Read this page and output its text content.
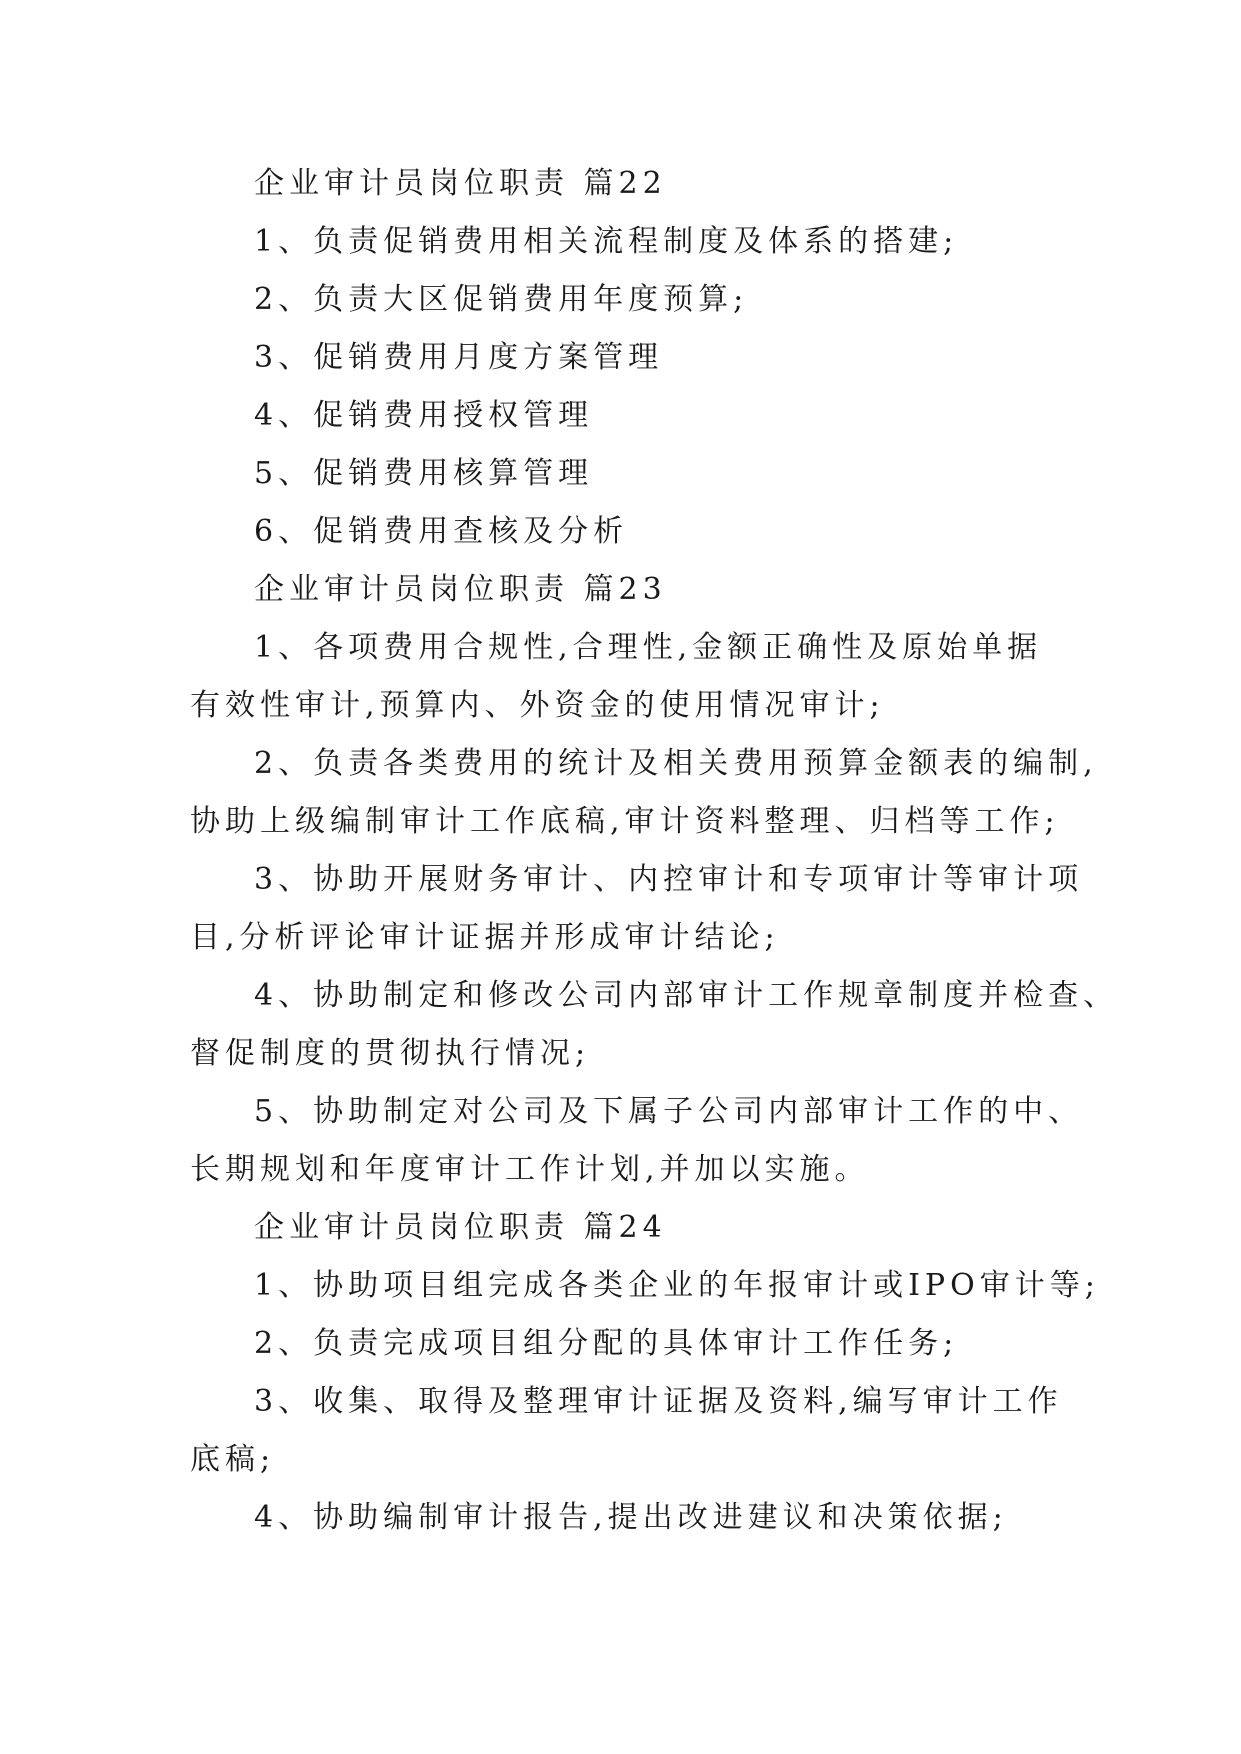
企业审计员岗位职责 篇22
1、负责促销费用相关流程制度及体系的搭建;
2、负责大区促销费用年度预算;
3、促销费用月度方案管理
4、促销费用授权管理
5、促销费用核算管理
6、促销费用查核及分析
企业审计员岗位职责 篇23
1、各项费用合规性,合理性,金额正确性及原始单据
有效性审计,预算内、外资金的使用情况审计;
2、负责各类费用的统计及相关费用预算金额表的编制,
协助上级编制审计工作底稿,审计资料整理、归档等工作;
3、协助开展财务审计、内控审计和专项审计等审计项
目,分析评论审计证据并形成审计结论;
4、协助制定和修改公司内部审计工作规章制度并检查、
督促制度的贯彻执行情况;
5、协助制定对公司及下属子公司内部审计工作的中、
长期规划和年度审计工作计划,并加以实施。
企业审计员岗位职责 篇24
1、协助项目组完成各类企业的年报审计或IPO审计等;
2、负责完成项目组分配的具体审计工作任务;
3、收集、取得及整理审计证据及资料,编写审计工作
底稿;
4、协助编制审计报告,提出改进建议和决策依据;
